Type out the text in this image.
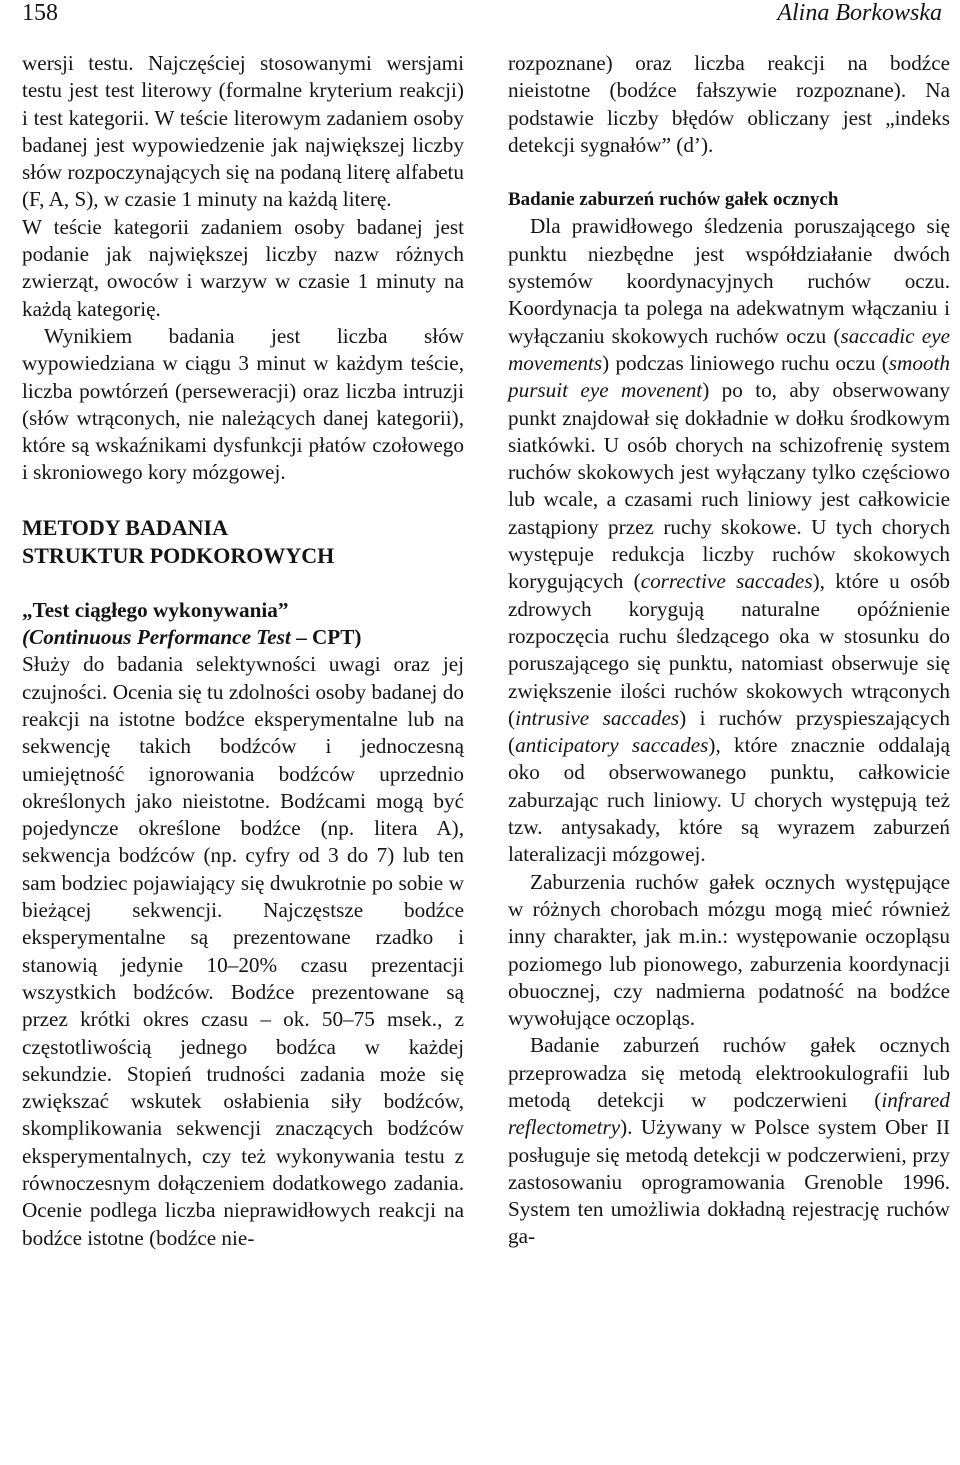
158	Alina Borkowska

wersji testu. Najczęściej stosowanymi wersjami testu jest test literowy (formalne kryterium reakcji) i test kategorii. W teście literowym zadaniem osoby badanej jest wypowiedzenie jak największej liczby słów rozpoczynających się na podaną literę alfabetu (F, A, S), w czasie 1 minuty na każdą literę.

W teście kategorii zadaniem osoby badanej jest podanie jak największej liczby nazw różnych zwierząt, owoców i warzyw w czasie 1 minuty na każdą kategorię.

Wynikiem badania jest liczba słów wypowiedziana w ciągu 3 minut w każdym teście, liczba powtórzeń (perseweracji) oraz liczba intruzji (słów wtrąconych, nie należących danej kategorii), które są wskaźnikami dysfunkcji płatów czołowego i skroniowego kory mózgowej.

METODY BADANIA

STRUKTUR PODKOROWYCH

„Test ciągłego wykonywania”

(Continuous Performance Test – CPT)

Służy do badania selektywności uwagi oraz jej czujności. Ocenia się tu zdolności osoby badanej do reakcji na istotne bodźce eksperymentalne lub na sekwencję takich bodźców i jednoczesną umiejętność ignorowania bodźców uprzednio określonych jako nieistotne. Bodźcami mogą być pojedyncze określone bodźce (np. litera A), sekwencja bodźców (np. cyfry od 3 do 7) lub ten sam bodziec pojawiający się dwukrotnie po sobie w bieżącej sekwencji. Najczęstsze bodźce eksperymentalne są prezentowane rzadko i stanowią jedynie 10–20% czasu prezentacji wszystkich bodźców. Bodźce prezentowane są przez krótki okres czasu – ok. 50–75 msek., z częstotliwością jednego bodźca w każdej sekundzie. Stopień trudności zadania może się zwiększać wskutek osłabienia siły bodźców, skomplikowania sekwencji znaczących bodźców eksperymentalnych, czy też wykonywania testu z równoczesnym dołączeniem dodatkowego zadania. Ocenie podlega liczba nieprawidłowych reakcji na bodźce istotne (bodźce nie-

rozpoznane) oraz liczba reakcji na bodźce nieistotne (bodźce fałszywie rozpoznane). Na podstawie liczby błędów obliczany jest „indeks detekcji sygnałów” (d’).

Badanie zaburzeń ruchów gałek ocznych

Dla prawidłowego śledzenia poruszającego się punktu niezbędne jest współdziałanie dwóch systemów koordynacyjnych ruchów oczu. Koordynacja ta polega na adekwatnym włączaniu i wyłączaniu skokowych ruchów oczu (saccadic eye movements) podczas liniowego ruchu oczu (smooth pursuit eye movenent) po to, aby obserwowany punkt znajdował się dokładnie w dołku środkowym siatkówki. U osób chorych na schizofrenię system ruchów skokowych jest wyłączany tylko częściowo lub wcale, a czasami ruch liniowy jest całkowicie zastąpiony przez ruchy skokowe. U tych chorych występuje redukcja liczby ruchów skokowych korygujących (corrective saccades), które u osób zdrowych korygują naturalne opóźnienie rozpoczęcia ruchu śledzącego oka w stosunku do poruszającego się punktu, natomiast obserwuje się zwiększenie ilości ruchów skokowych wtrąconych (intrusive saccades) i ruchów przyspieszających (anticipatory saccades), które znacznie oddalają oko od obserwowanego punktu, całkowicie zaburzając ruch liniowy. U chorych występują też tzw. antysakady, które są wyrazem zaburzeń lateralizacji mózgowej.

Zaburzenia ruchów gałek ocznych występujące w różnych chorobach mózgu mogą mieć również inny charakter, jak m.in.: występowanie oczopląsu poziomego lub pionowego, zaburzenia koordynacji obuocznej, czy nadmierna podatność na bodźce wywołujące oczopląs.

Badanie zaburzeń ruchów gałek ocznych przeprowadza się metodą elektrookulografii lub metodą detekcji w podczerwieni (infrared reflectometry). Używany w Polsce system Ober II posługuje się metodą detekcji w podczerwieni, przy zastosowaniu oprogramowania Grenoble 1996. System ten umożliwia dokładną rejestrację ruchów ga-
